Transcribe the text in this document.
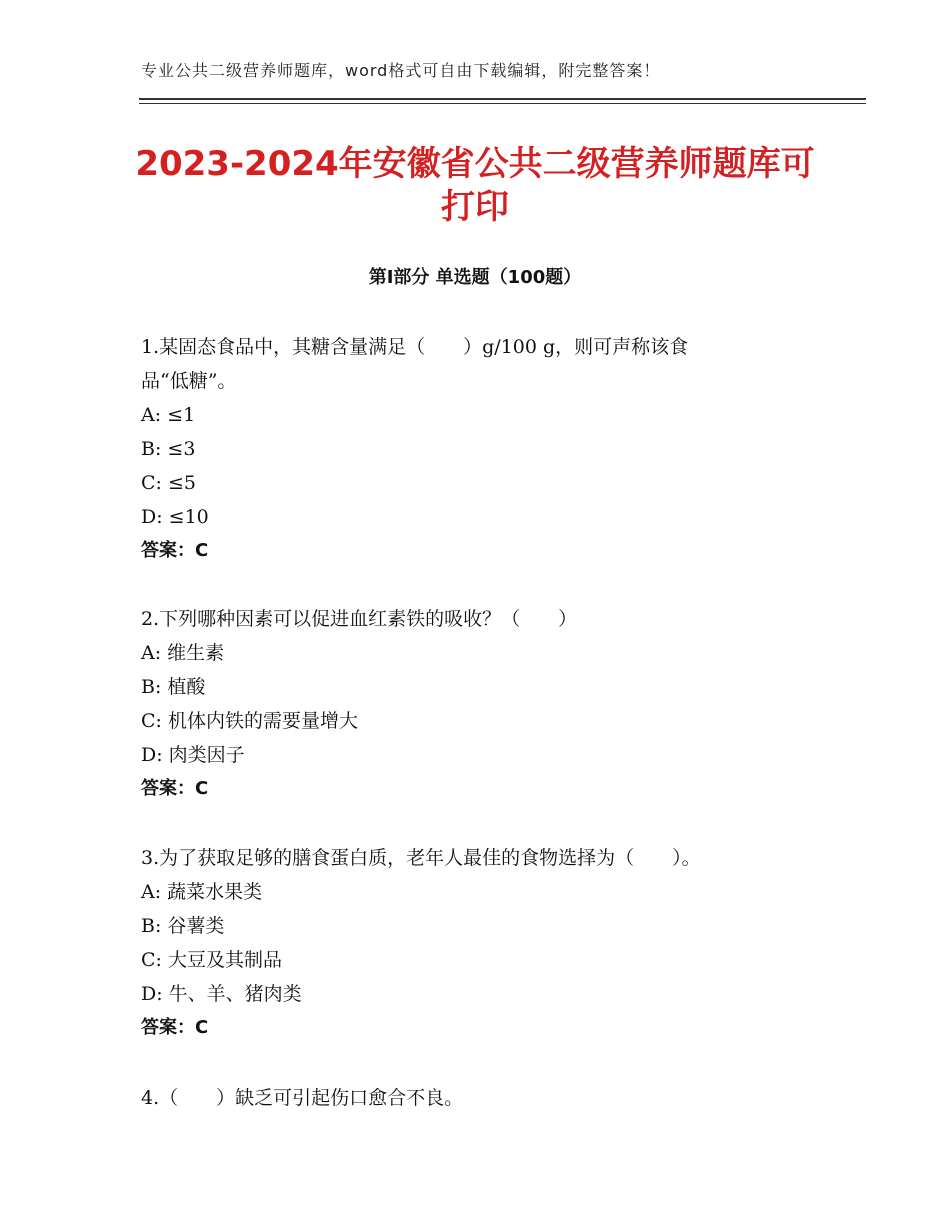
专业公共二级营养师题库，word格式可自由下载编辑，附完整答案！
2023-2024年安徽省公共二级营养师题库可
打印
第Ⅰ部分 单选题（100题）

1.某固态食品中，其糖含量满足（　　）g/100 g，则可声称该食

品“低糖”。

A: ≤1

B: ≤3

C: ≤5

D: ≤10

答案：C

2.下列哪种因素可以促进血红素铁的吸收？（　　）

A: 维生素

B: 植酸

C: 机体内铁的需要量增大

D: 肉类因子

答案：C

3.为了获取足够的膳食蛋白质，老年人最佳的食物选择为（　　）。

A: 蔬菜水果类

B: 谷薯类

C: 大豆及其制品

D: 牛、羊、猪肉类

答案：C

4.（　　）缺乏可引起伤口愈合不良。
